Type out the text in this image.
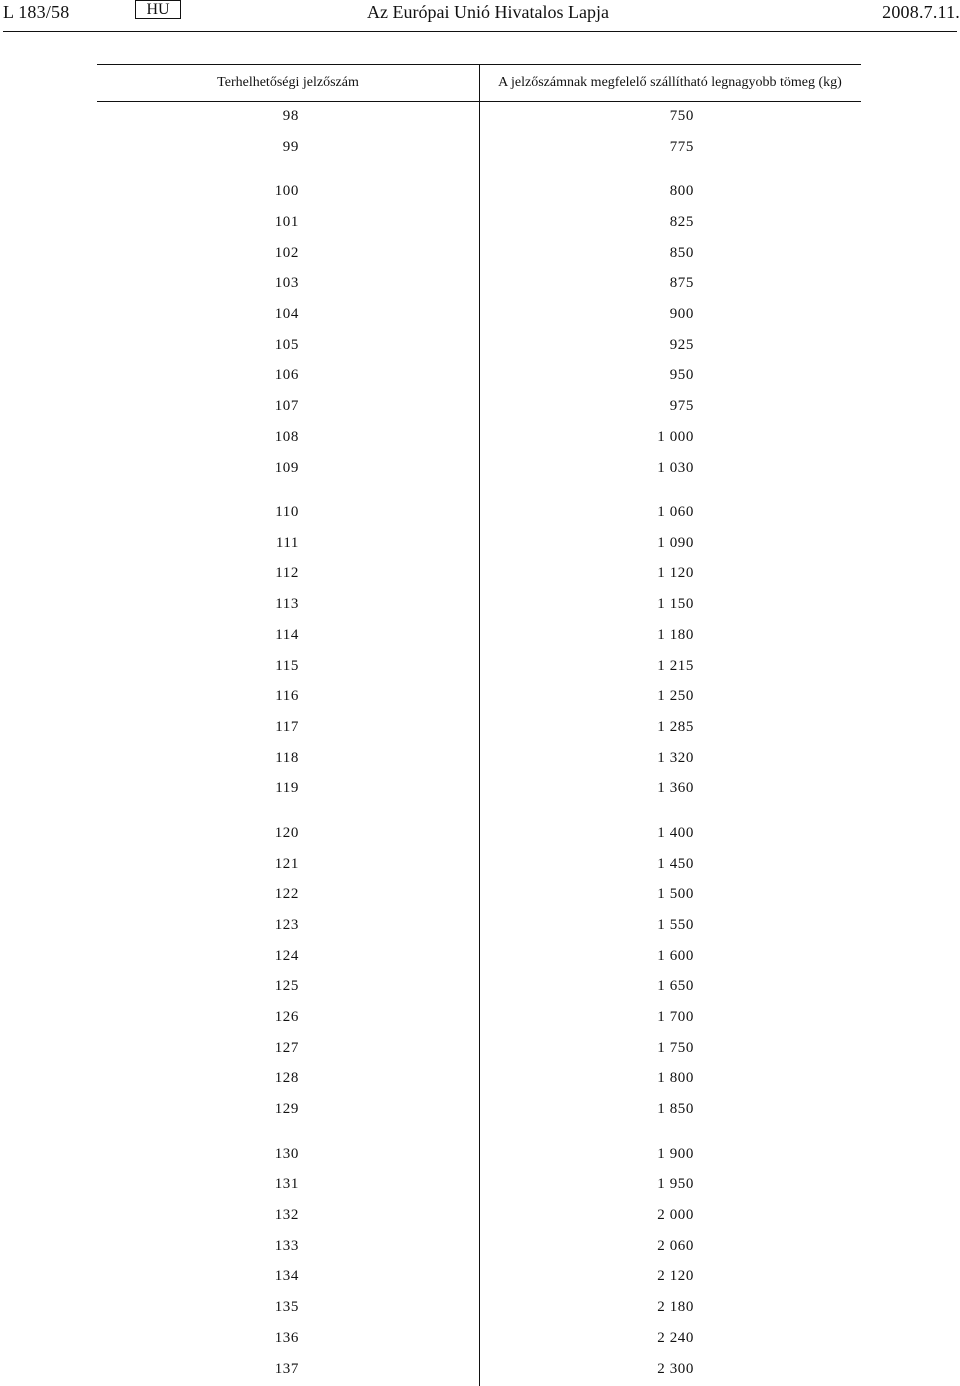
L 183/58	HU	Az Európai Unió Hivatalos Lapja	2008.7.11.
Terhelhetőségi jelzőszám	A jelzőszámnak megfelelő szállítható legnagyobb tömeg (kg)
98	750
99	775
100	800
101	825
102	850
103	875
104	900
105	925
106	950
107	975
108	1 000
109	1 030
110	1 060
111	1 090
112	1 120
113	1 150
114	1 180
115	1 215
116	1 250
117	1 285
118	1 320
119	1 360
120	1 400
121	1 450
122	1 500
123	1 550
124	1 600
125	1 650
126	1 700
127	1 750
128	1 800
129	1 850
130	1 900
131	1 950
132	2 000
133	2 060
134	2 120
135	2 180
136	2 240
137	2 300
